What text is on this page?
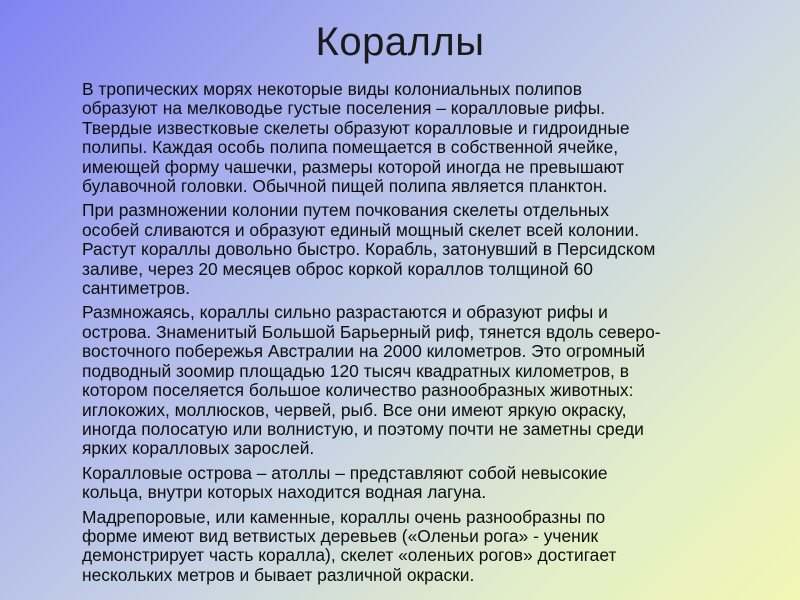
Кораллы

В тропических морях некоторые виды колониальных полипов
образуют на мелководье густые поселения – коралловые рифы.
Твердые известковые скелеты образуют коралловые и гидроидные
полипы. Каждая особь полипа помещается в собственной ячейке,
имеющей форму чашечки, размеры которой иногда не превышают
булавочной головки. Обычной пищей полипа является планктон.

При размножении колонии путем почкования скелеты отдельных
особей сливаются и образуют единый мощный скелет всей колонии.
Растут кораллы довольно быстро. Корабль, затонувший в Персидском
заливе, через 20 месяцев оброс коркой кораллов толщиной 60
сантиметров.

Размножаясь, кораллы сильно разрастаются и образуют рифы и
острова. Знаменитый Большой Барьерный риф, тянется вдоль северо-
восточного побережья Австралии на 2000 километров. Это огромный
подводный зоомир площадью 120 тысяч квадратных километров, в
котором поселяется большое количество разнообразных животных:
иглокожих, моллюсков, червей, рыб. Все они имеют яркую окраску,
иногда полосатую или волнистую, и поэтому почти не заметны среди
ярких коралловых зарослей.

Коралловые острова – атоллы – представляют собой невысокие
кольца, внутри которых находится водная лагуна.

Мадрепоровые, или каменные, кораллы очень разнообразны по
форме имеют вид ветвистых деревьев («Оленьи рога» - ученик
демонстрирует часть коралла), скелет «оленьих рогов» достигает
нескольких метров и бывает различной окраски.
